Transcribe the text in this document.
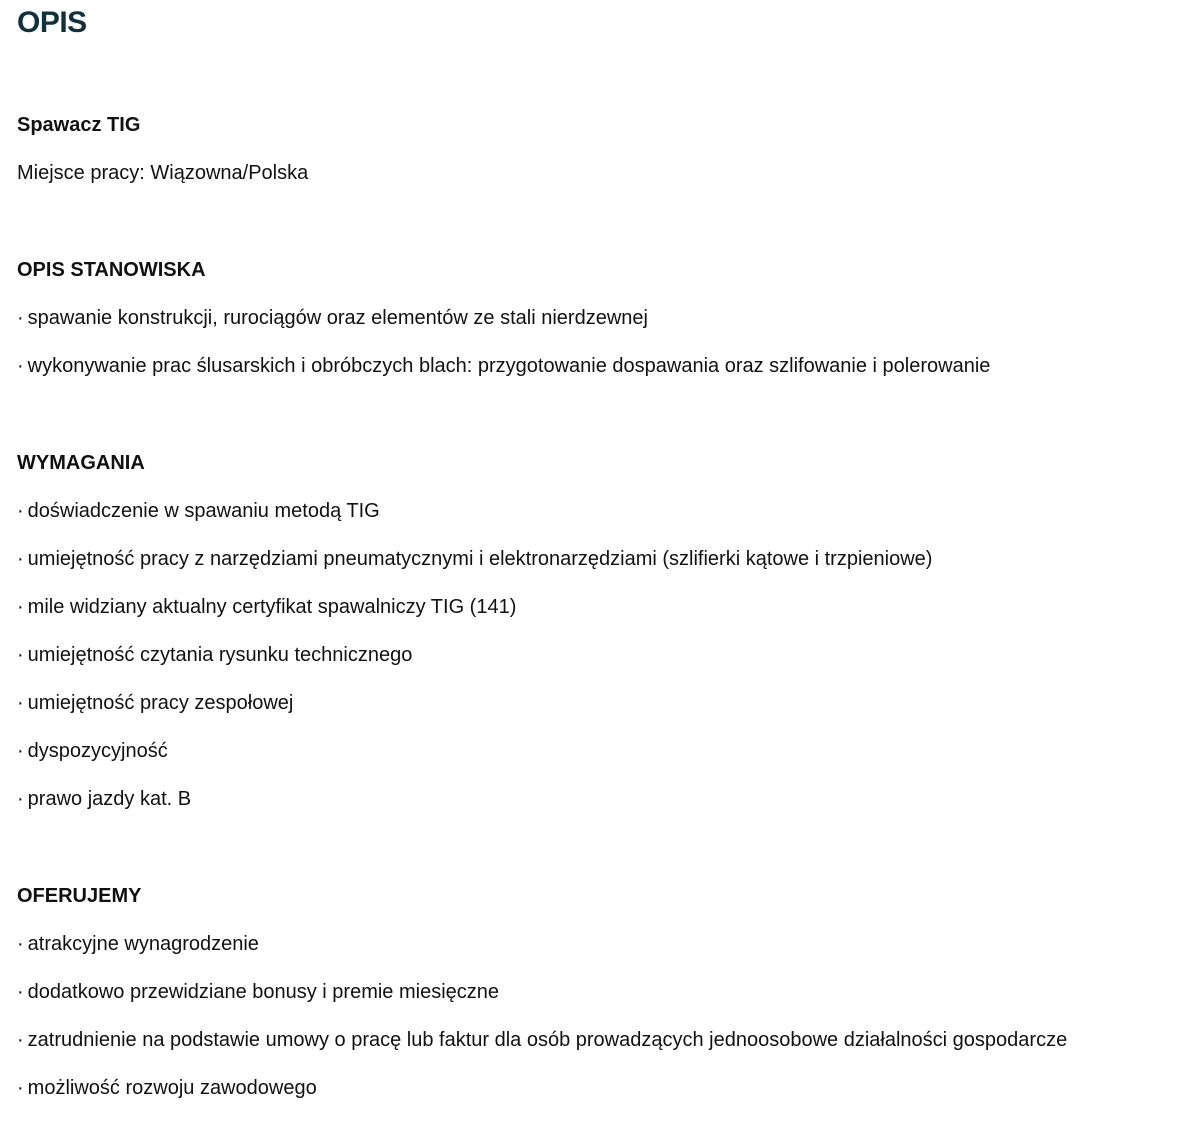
OPIS

Spawacz TIG

Miejsce pracy: Wiązowna/Polska

OPIS STANOWISKA

· spawanie konstrukcji, rurociągów oraz elementów ze stali nierdzewnej

· wykonywanie prac ślusarskich i obróbczych blach: przygotowanie dospawania oraz szlifowanie i polerowanie

WYMAGANIA

· doświadczenie w spawaniu metodą TIG

· umiejętność pracy z narzędziami pneumatycznymi i elektronarzędziami (szlifierki kątowe i trzpieniowe)

· mile widziany aktualny certyfikat spawalniczy TIG (141)

· umiejętność czytania rysunku technicznego

· umiejętność pracy zespołowej

· dyspozycyjność

· prawo jazdy kat. B

OFERUJEMY

· atrakcyjne wynagrodzenie

· dodatkowo przewidziane bonusy i premie miesięczne

· zatrudnienie na podstawie umowy o pracę lub faktur dla osób prowadzących jednoosobowe działalności gospodarcze

· możliwość rozwoju zawodowego
